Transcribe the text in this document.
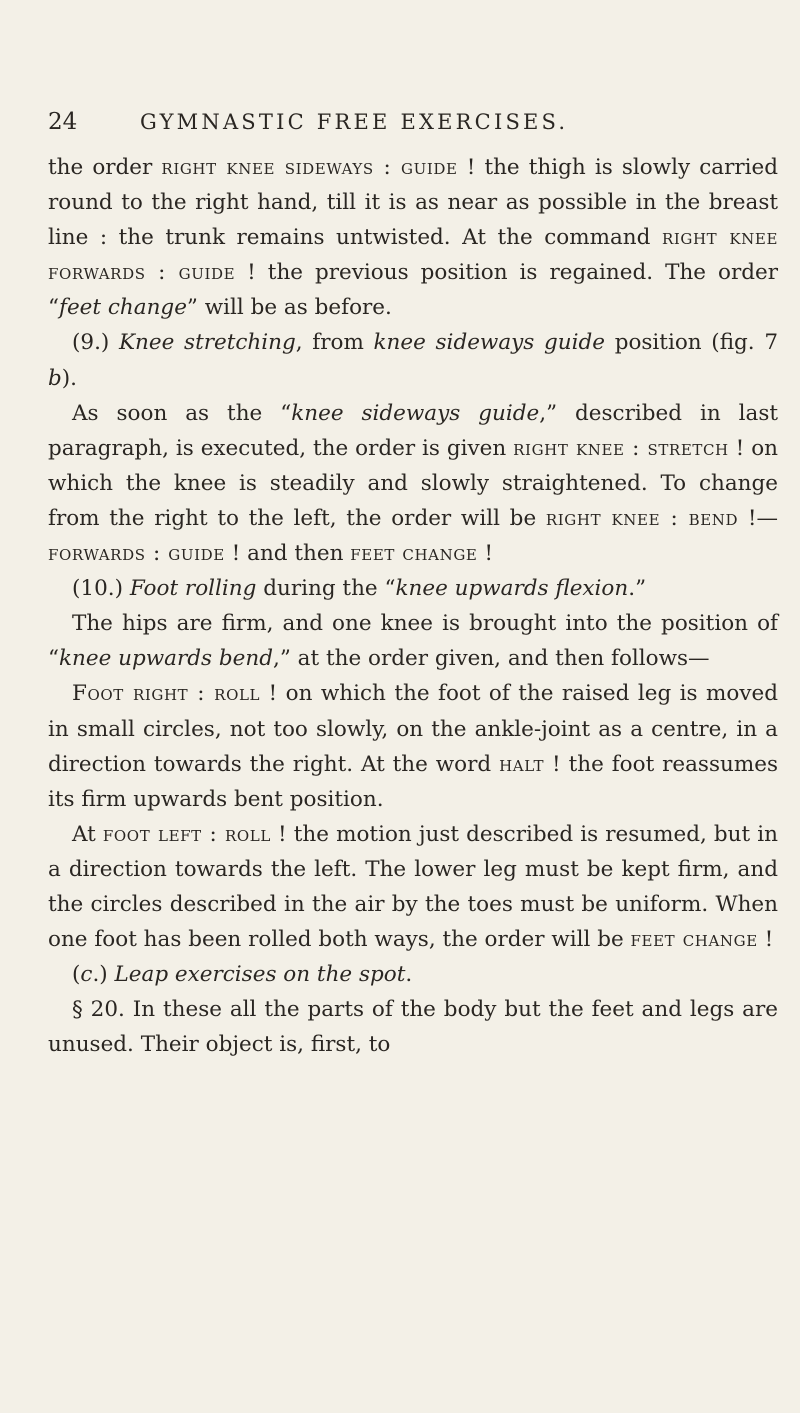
24	GYMNASTIC FREE EXERCISES.

the order right knee sideways : guide ! the thigh is slowly carried round to the right hand, till it is as near as possible in the breast line : the trunk remains untwisted. At the command right knee forwards : guide ! the previous position is regained. The order “feet change” will be as before.

(9.) Knee stretching, from knee sideways guide position (fig. 7 b).

As soon as the “knee sideways guide,” described in last paragraph, is executed, the order is given right knee : stretch ! on which the knee is steadily and slowly straightened. To change from the right to the left, the order will be right knee : bend !—forwards : guide ! and then feet change !

(10.) Foot rolling during the “knee upwards flexion.”

The hips are firm, and one knee is brought into the position of “knee upwards bend,” at the order given, and then follows—

Foot right : roll ! on which the foot of the raised leg is moved in small circles, not too slowly, on the ankle-joint as a centre, in a direction towards the right. At the word halt ! the foot reassumes its firm upwards bent position.

At foot left : roll ! the motion just described is resumed, but in a direction towards the left. The lower leg must be kept firm, and the circles described in the air by the toes must be uniform. When one foot has been rolled both ways, the order will be feet change !

(c.) Leap exercises on the spot.

§ 20. In these all the parts of the body but the feet and legs are unused. Their object is, first, to
